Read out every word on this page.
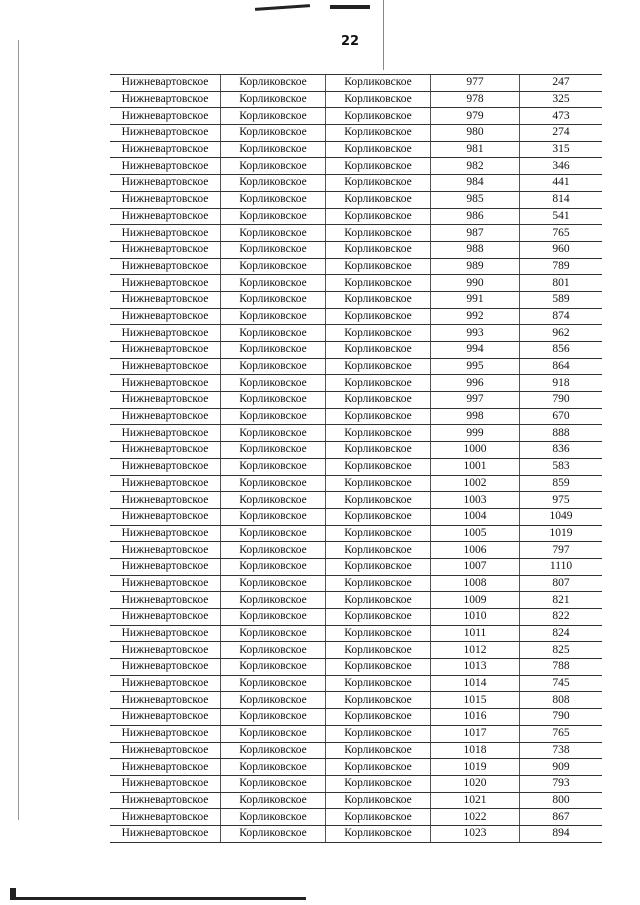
22
Нижневартовское	Корликовское	Корликовское	977	247
Нижневартовское	Корликовское	Корликовское	978	325
Нижневартовское	Корликовское	Корликовское	979	473
Нижневартовское	Корликовское	Корликовское	980	274
Нижневартовское	Корликовское	Корликовское	981	315
Нижневартовское	Корликовское	Корликовское	982	346
Нижневартовское	Корликовское	Корликовское	984	441
Нижневартовское	Корликовское	Корликовское	985	814
Нижневартовское	Корликовское	Корликовское	986	541
Нижневартовское	Корликовское	Корликовское	987	765
Нижневартовское	Корликовское	Корликовское	988	960
Нижневартовское	Корликовское	Корликовское	989	789
Нижневартовское	Корликовское	Корликовское	990	801
Нижневартовское	Корликовское	Корликовское	991	589
Нижневартовское	Корликовское	Корликовское	992	874
Нижневартовское	Корликовское	Корликовское	993	962
Нижневартовское	Корликовское	Корликовское	994	856
Нижневартовское	Корликовское	Корликовское	995	864
Нижневартовское	Корликовское	Корликовское	996	918
Нижневартовское	Корликовское	Корликовское	997	790
Нижневартовское	Корликовское	Корликовское	998	670
Нижневартовское	Корликовское	Корликовское	999	888
Нижневартовское	Корликовское	Корликовское	1000	836
Нижневартовское	Корликовское	Корликовское	1001	583
Нижневартовское	Корликовское	Корликовское	1002	859
Нижневартовское	Корликовское	Корликовское	1003	975
Нижневартовское	Корликовское	Корликовское	1004	1049
Нижневартовское	Корликовское	Корликовское	1005	1019
Нижневартовское	Корликовское	Корликовское	1006	797
Нижневартовское	Корликовское	Корликовское	1007	1110
Нижневартовское	Корликовское	Корликовское	1008	807
Нижневартовское	Корликовское	Корликовское	1009	821
Нижневартовское	Корликовское	Корликовское	1010	822
Нижневартовское	Корликовское	Корликовское	1011	824
Нижневартовское	Корликовское	Корликовское	1012	825
Нижневартовское	Корликовское	Корликовское	1013	788
Нижневартовское	Корликовское	Корликовское	1014	745
Нижневартовское	Корликовское	Корликовское	1015	808
Нижневартовское	Корликовское	Корликовское	1016	790
Нижневартовское	Корликовское	Корликовское	1017	765
Нижневартовское	Корликовское	Корликовское	1018	738
Нижневартовское	Корликовское	Корликовское	1019	909
Нижневартовское	Корликовское	Корликовское	1020	793
Нижневартовское	Корликовское	Корликовское	1021	800
Нижневартовское	Корликовское	Корликовское	1022	867
Нижневартовское	Корликовское	Корликовское	1023	894
